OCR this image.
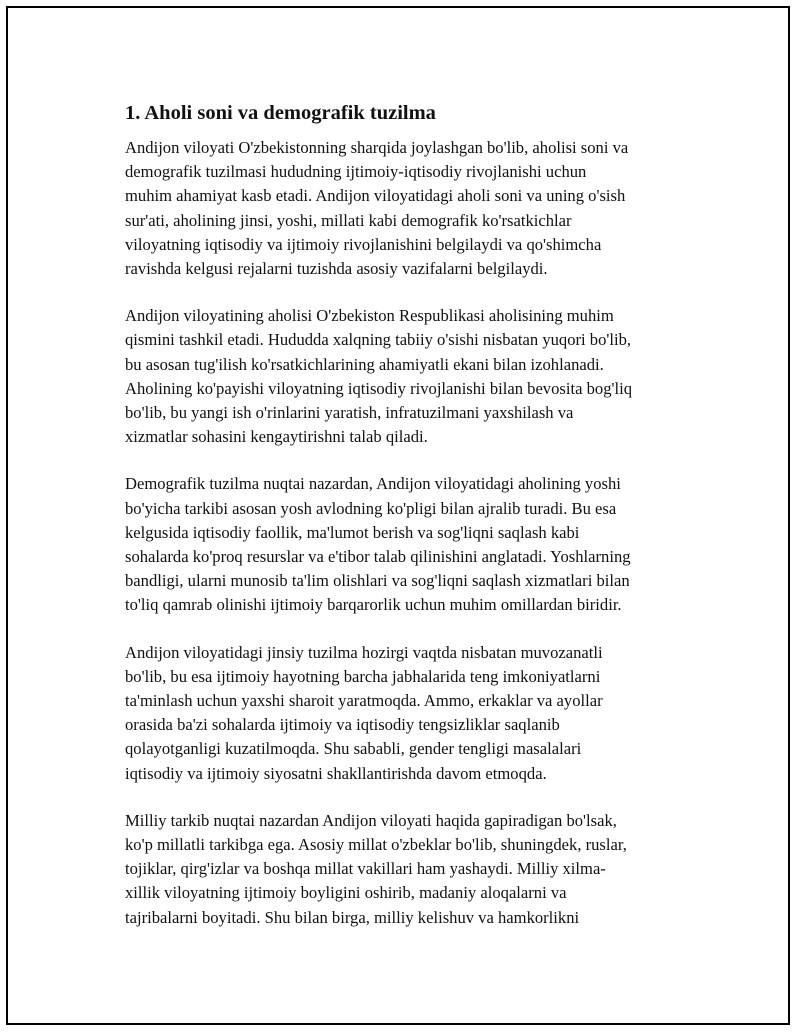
1. Aholi soni va demografik tuzilma

Andijon viloyati O'zbekistonning sharqida joylashgan bo'lib, aholisi soni va
demografik tuzilmasi hududning ijtimoiy-iqtisodiy rivojlanishi uchun
muhim ahamiyat kasb etadi. Andijon viloyatidagi aholi soni va uning o'sish
sur'ati, aholining jinsi, yoshi, millati kabi demografik ko'rsatkichlar
viloyatning iqtisodiy va ijtimoiy rivojlanishini belgilaydi va qo'shimcha
ravishda kelgusi rejalarni tuzishda asosiy vazifalarni belgilaydi.

Andijon viloyatining aholisi O'zbekiston Respublikasi aholisining muhim
qismini tashkil etadi. Hududda xalqning tabiiy o'sishi nisbatan yuqori bo'lib,
bu asosan tug'ilish ko'rsatkichlarining ahamiyatli ekani bilan izohlanadi.
Aholining ko'payishi viloyatning iqtisodiy rivojlanishi bilan bevosita bog'liq
bo'lib, bu yangi ish o'rinlarini yaratish, infratuzilmani yaxshilash va
xizmatlar sohasini kengaytirishni talab qiladi.

Demografik tuzilma nuqtai nazardan, Andijon viloyatidagi aholining yoshi
bo'yicha tarkibi asosan yosh avlodning ko'pligi bilan ajralib turadi. Bu esa
kelgusida iqtisodiy faollik, ma'lumot berish va sog'liqni saqlash kabi
sohalarda ko'proq resurslar va e'tibor talab qilinishini anglatadi. Yoshlarning
bandligi, ularni munosib ta'lim olishlari va sog'liqni saqlash xizmatlari bilan
to'liq qamrab olinishi ijtimoiy barqarorlik uchun muhim omillardan biridir.

Andijon viloyatidagi jinsiy tuzilma hozirgi vaqtda nisbatan muvozanatli
bo'lib, bu esa ijtimoiy hayotning barcha jabhalarida teng imkoniyatlarni
ta'minlash uchun yaxshi sharoit yaratmoqda. Ammo, erkaklar va ayollar
orasida ba'zi sohalarda ijtimoiy va iqtisodiy tengsizliklar saqlanib
qolayotganligi kuzatilmoqda. Shu sababli, gender tengligi masalalari
iqtisodiy va ijtimoiy siyosatni shakllantirishda davom etmoqda.

Milliy tarkib nuqtai nazardan Andijon viloyati haqida gapiradigan bo'lsak,
ko'p millatli tarkibga ega. Asosiy millat o'zbeklar bo'lib, shuningdek, ruslar,
tojiklar, qirg'izlar va boshqa millat vakillari ham yashaydi. Milliy xilma-
xillik viloyatning ijtimoiy boyligini oshirib, madaniy aloqalarni va
tajribalarni boyitadi. Shu bilan birga, milliy kelishuv va hamkorlikni
